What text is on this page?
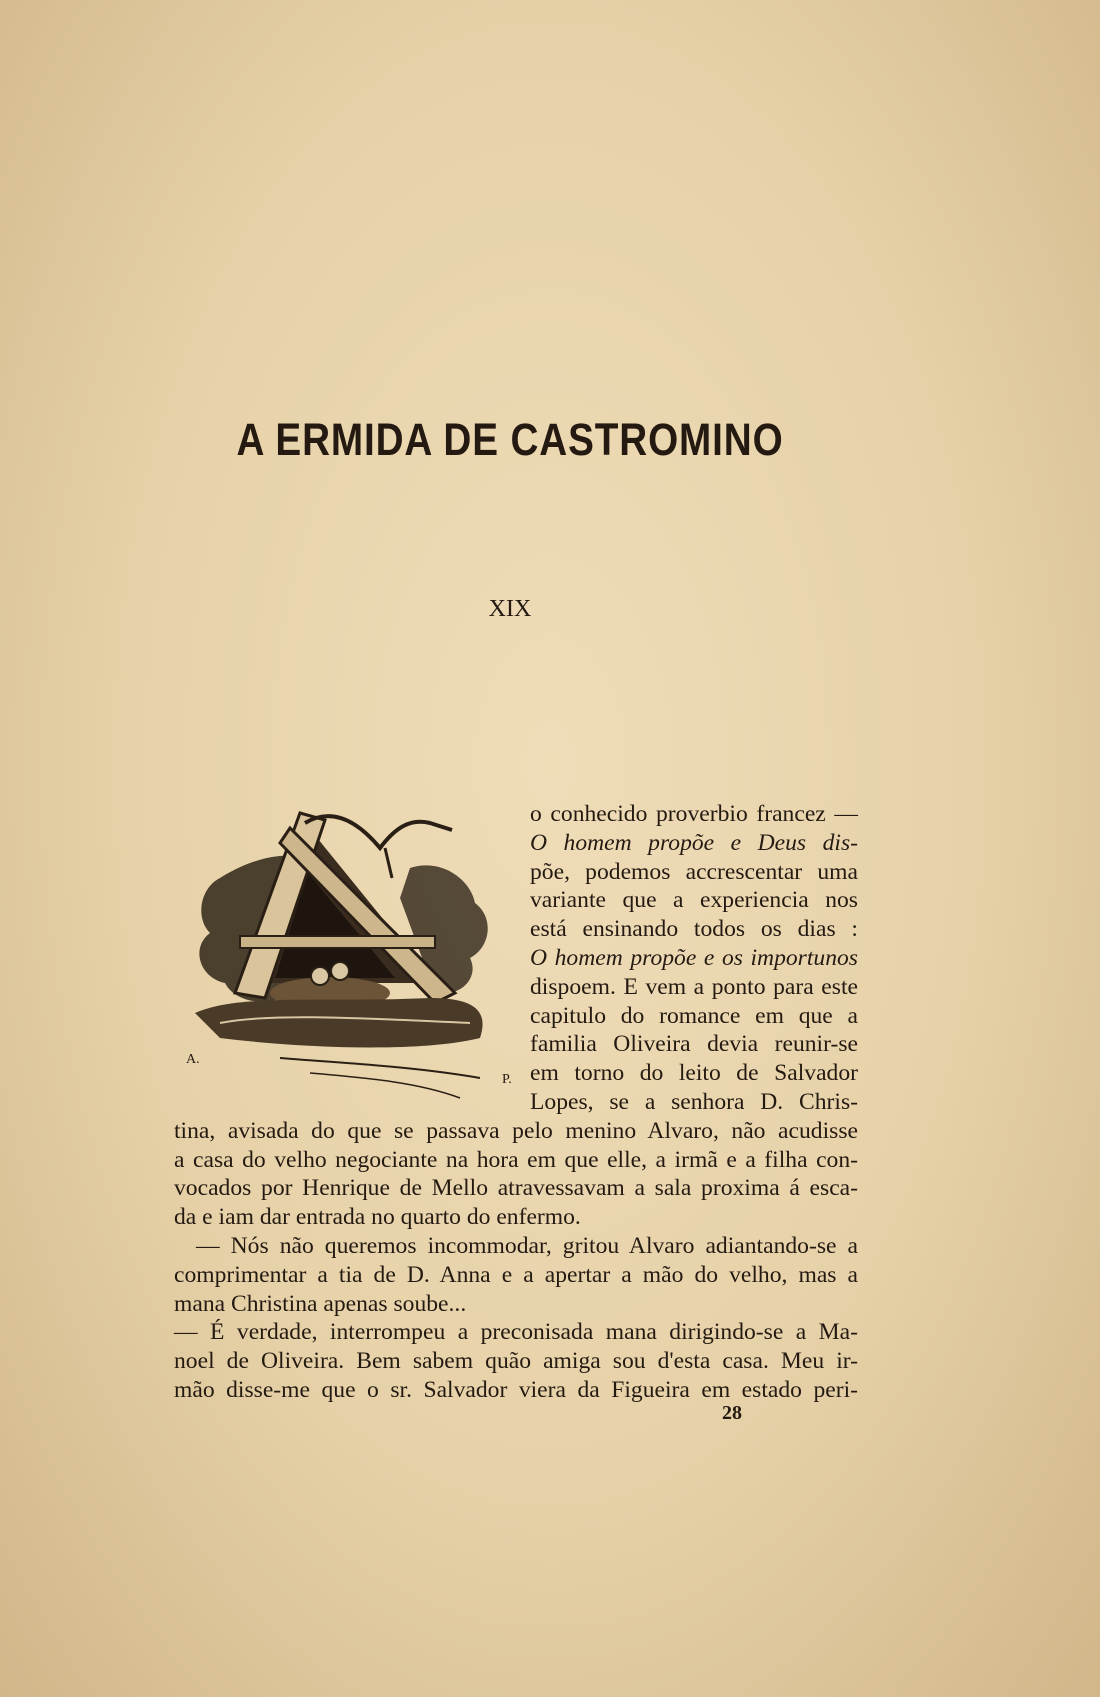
A ERMIDA DE CASTROMINO
XIX
A.
P.
o conhecido proverbio francez —
O homem propõe e Deus dis-
põe, podemos accrescentar uma
variante que a experiencia nos
está ensinando todos os dias :
O homem propõe e os importunos
dispoem. E vem a ponto para este
capitulo do romance em que a
familia Oliveira devia reunir-se
em torno do leito de Salvador
Lopes, se a senhora D. Chris-
tina, avisada do que se passava pelo menino Alvaro, não acudisse
a casa do velho negociante na hora em que elle, a irmã e a filha con-
vocados por Henrique de Mello atravessavam a sala proxima á esca-
da e iam dar entrada no quarto do enfermo.
— Nós não queremos incommodar, gritou Alvaro adiantando-se a
comprimentar a tia de D. Anna e a apertar a mão do velho, mas a
mana Christina apenas soube...
— É verdade, interrompeu a preconisada mana dirigindo-se a Ma-
noel de Oliveira. Bem sabem quão amiga sou d'esta casa. Meu ir-
mão disse-me que o sr. Salvador viera da Figueira em estado peri-
28
